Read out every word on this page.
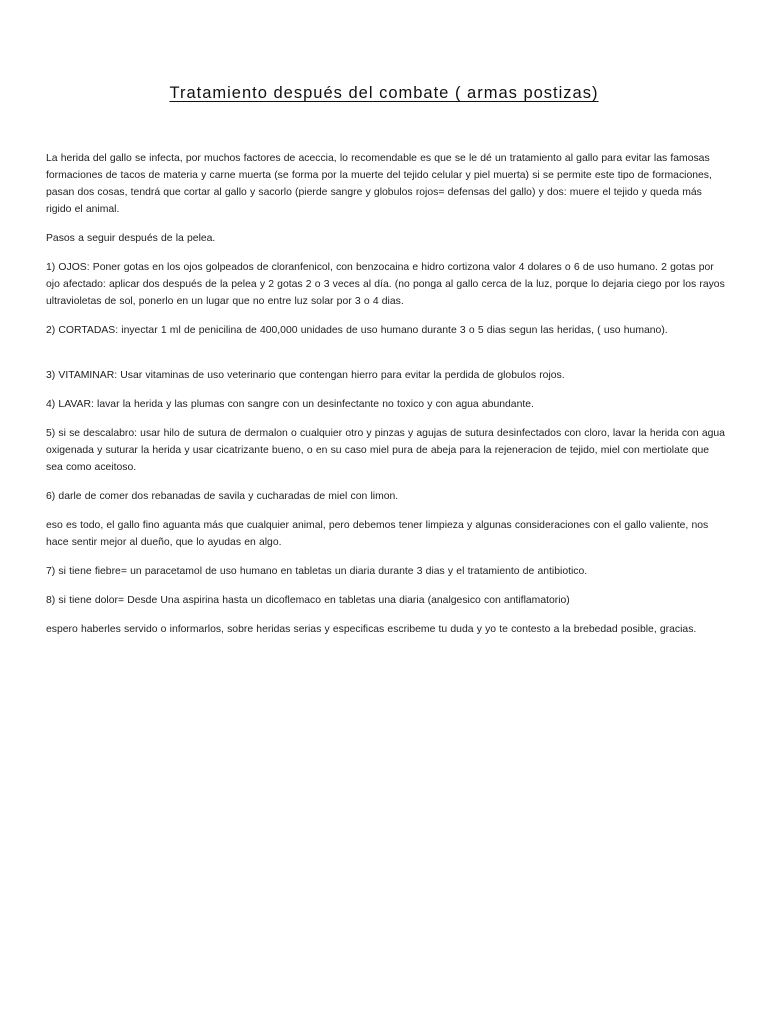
Tratamiento después del combate ( armas postizas)

La herida del gallo se infecta, por muchos factores de aceccia, lo recomendable es que se le dé un tratamiento al gallo para evitar las famosas formaciones de tacos de materia y carne muerta (se forma por la muerte del tejido celular y piel muerta) si se permite este tipo de formaciones, pasan dos cosas, tendrá que cortar al gallo y sacorlo (pierde sangre y globulos rojos= defensas del gallo) y dos: muere el tejido y queda más rigido el animal.

Pasos a seguir después de la pelea.

1) OJOS: Poner gotas en los ojos golpeados de cloranfenicol, con benzocaina e hidro cortizona valor 4 dolares o 6 de uso humano. 2 gotas por ojo afectado: aplicar dos después de la pelea y 2 gotas 2 o 3 veces al día. (no ponga al gallo cerca de la luz, porque lo dejaria ciego por los rayos ultravioletas de sol, ponerlo en un lugar que no entre luz solar por 3 o 4 dias.

2) CORTADAS: inyectar 1 ml de penicilina de 400,000 unidades de uso humano durante 3 o 5 dias segun las heridas, ( uso humano).

3) VITAMINAR: Usar vitaminas de uso veterinario que contengan hierro para evitar la perdida de globulos rojos.

4) LAVAR: lavar la herida y las plumas con sangre con un desinfectante no toxico y con agua abundante.

5) si se descalabro: usar hilo de sutura de dermalon o cualquier otro y pinzas y agujas de sutura desinfectados con cloro, lavar la herida con agua oxigenada y suturar la herida y usar cicatrizante bueno, o en su caso miel pura de abeja para la rejeneracion de tejido, miel con mertiolate que sea como aceitoso.

6) darle de comer dos rebanadas de savila y cucharadas de miel con limon.

eso es todo, el gallo fino aguanta más que cualquier animal, pero debemos tener limpieza y algunas consideraciones con el gallo valiente, nos hace sentir mejor al dueño, que lo ayudas en algo.

7) si tiene fiebre= un paracetamol de uso humano en tabletas un diaria durante 3 dias y el tratamiento de antibiotico.

8) si tiene dolor= Desde Una aspirina hasta un dicoflemaco en tabletas una diaria (analgesico con antiflamatorio)

espero haberles servido o informarlos, sobre heridas serias y especificas escribeme tu duda y yo te contesto a la brebedad posible, gracias.
